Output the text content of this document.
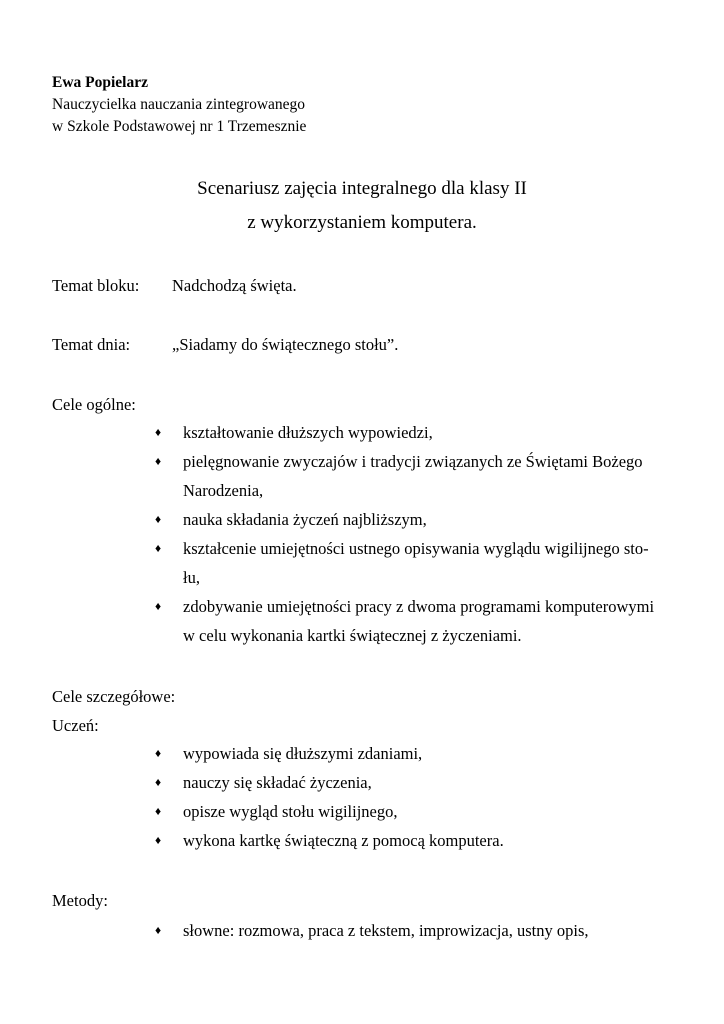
Ewa Popielarz
Nauczycielka nauczania zintegrowanego
w Szkole Podstawowej nr 1 Trzemesznie
Scenariusz zajęcia integralnego dla klasy II
z wykorzystaniem komputera.
Temat bloku: Nadchodzą święta.
Temat dnia:	„Siadamy do świątecznego stołu”.
Cele ogólne:
♦ kształtowanie dłuższych wypowiedzi,
♦ pielęgnowanie zwyczajów i tradycji związanych ze Świętami Bożego
Narodzenia,
♦ nauka składania życzeń najbliższym,
♦ kształcenie umiejętności ustnego opisywania wyglądu wigilijnego sto-
łu,
♦ zdobywanie umiejętności pracy z dwoma programami komputerowymi
w celu wykonania kartki świątecznej z życzeniami.
Cele szczegółowe:
Uczeń:
♦ wypowiada się dłuższymi zdaniami,
♦ nauczy się składać życzenia,
♦ opisze wygląd stołu wigilijnego,
♦ wykona kartkę świąteczną z pomocą komputera.
Metody:
♦ słowne: rozmowa, praca z tekstem, improwizacja, ustny opis,
